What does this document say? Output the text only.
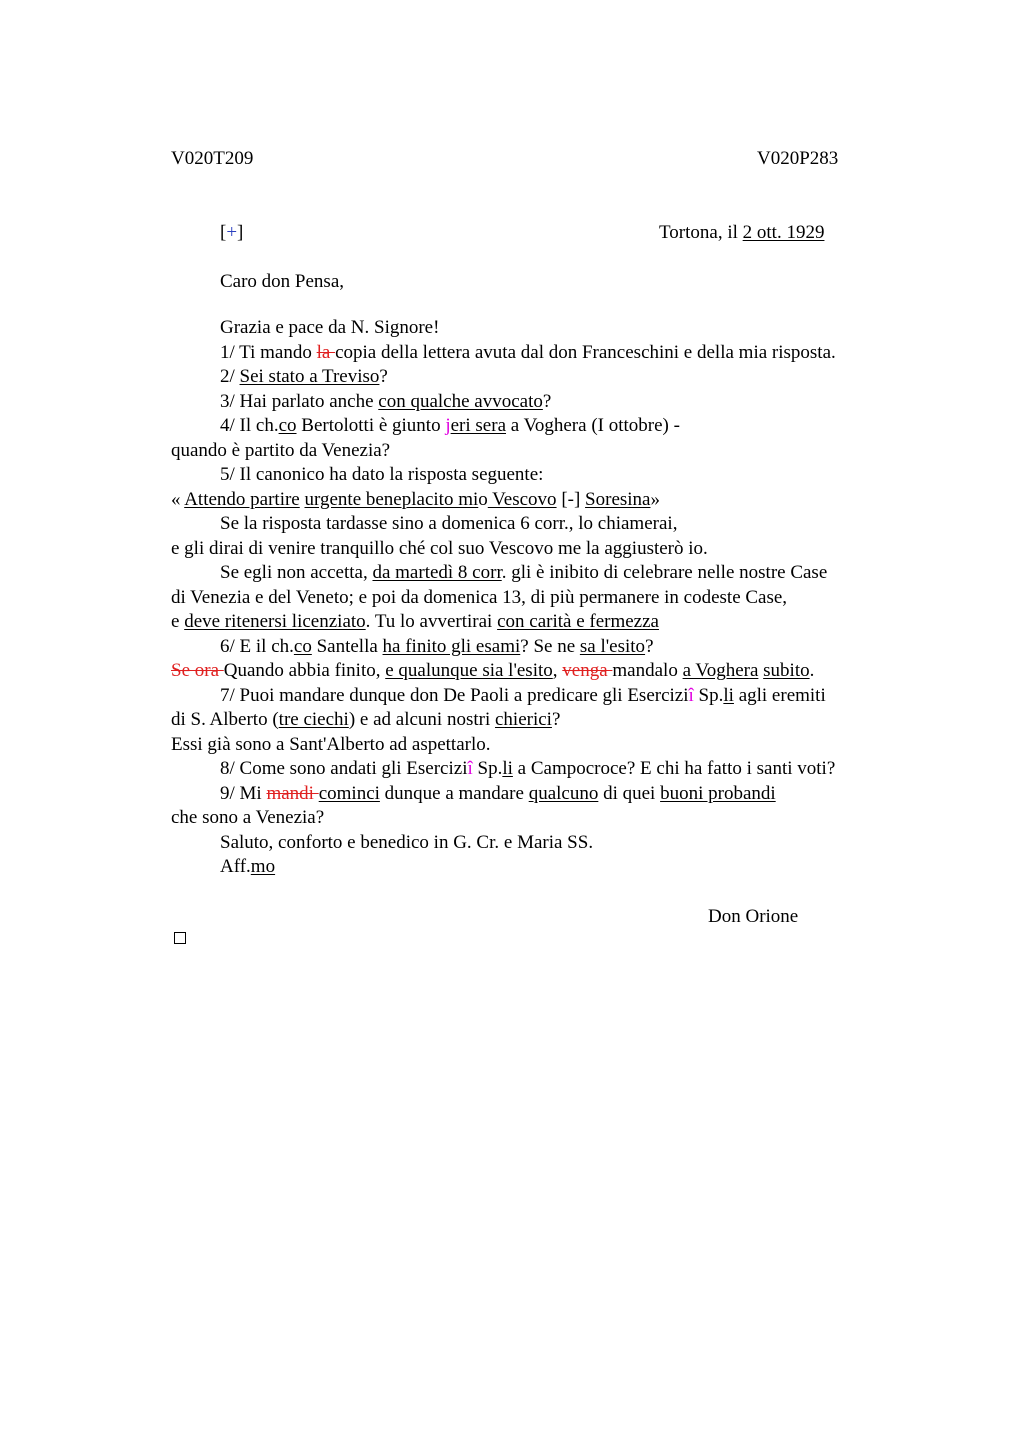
V020T209	V020P283
[+]	Tortona, il 2 ott. 1929
Caro don Pensa,
Grazia e pace da N. Signore!
1/ Ti mando la copia della lettera avuta dal don Franceschini e della mia risposta.
2/ Sei stato a Treviso?
3/ Hai parlato anche con qualche avvocato?
4/ Il ch.co Bertolotti è giunto jeri sera a Voghera (I ottobre) -
quando è partito da Venezia?
5/ Il canonico ha dato la risposta seguente:
« Attendo partire urgente beneplacito mio Vescovo [-] Soresina»
Se la risposta tardasse sino a domenica 6 corr., lo chiamerai,
e gli dirai di venire tranquillo ché col suo Vescovo me la aggiusterò io.
Se egli non accetta, da martedì 8 corr. gli è inibito di celebrare nelle nostre Case
di Venezia e del Veneto; e poi da domenica 13, di più permanere in codeste Case,
e deve ritenersi licenziato. Tu lo avvertirai con carità e fermezza
6/ E il ch.co Santella ha finito gli esami? Se ne sa l'esito?
Se ora Quando abbia finito, e qualunque sia l'esito, venga mandalo a Voghera subito.
7/ Puoi mandare dunque don De Paoli a predicare gli Eserciziî Sp.li agli eremiti
di S. Alberto (tre ciechi) e ad alcuni nostri chierici?
Essi già sono a Sant'Alberto ad aspettarlo.
8/ Come sono andati gli Eserciziî Sp.li a Campocroce? E chi ha fatto i santi voti?
9/ Mi mandi cominci dunque a mandare qualcuno di quei buoni probandi
che sono a Venezia?
Saluto, conforto e benedico in G. Cr. e Maria SS.
Aff.mo
Don Orione
